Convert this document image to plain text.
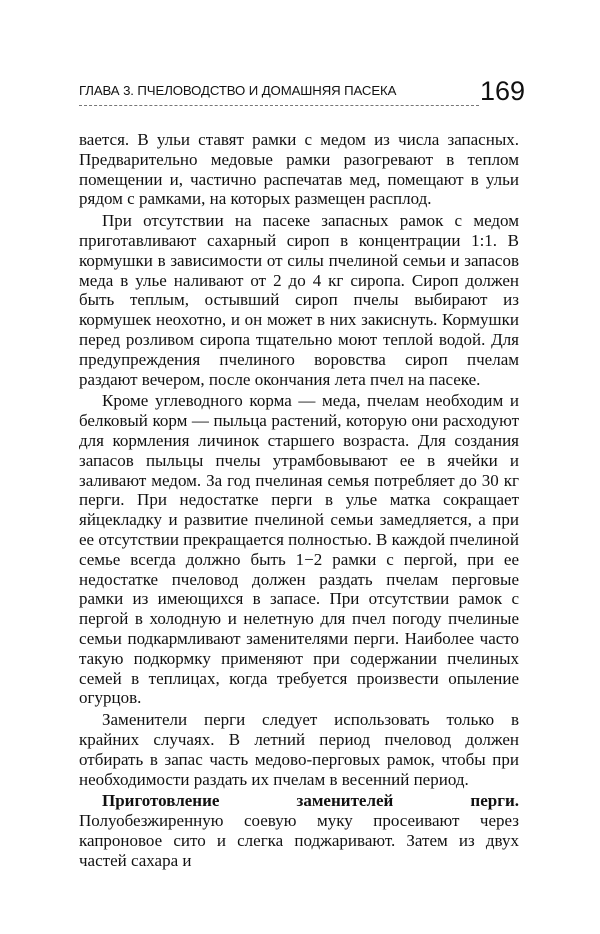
ГЛАВА 3. ПЧЕЛОВОДСТВО И ДОМАШНЯЯ ПАСЕКА	169

вается. В ульи ставят рамки с медом из числа запасных. Предварительно медовые рамки разогревают в теплом помещении и, частично распечатав мед, помещают в ульи рядом с рамками, на которых размещен расплод.

При отсутствии на пасеке запасных рамок с медом приготавливают сахарный сироп в концентрации 1:1. В кормушки в зависимости от силы пчелиной семьи и запасов меда в улье наливают от 2 до 4 кг сиропа. Сироп должен быть теплым, остывший сироп пчелы выбирают из кормушек неохотно, и он может в них закиснуть. Кормушки перед розливом сиропа тщательно моют теплой водой. Для предупреждения пчелиного воровства сироп пчелам раздают вечером, после окончания лета пчел на пасеке.

Кроме углеводного корма — меда, пчелам необходим и белковый корм — пыльца растений, которую они расходуют для кормления личинок старшего возраста. Для создания запасов пыльцы пчелы утрамбовывают ее в ячейки и заливают медом. За год пчелиная семья потребляет до 30 кг перги. При недостатке перги в улье матка сокращает яйцекладку и развитие пчелиной семьи замедляется, а при ее отсутствии прекращается полностью. В каждой пчелиной семье всегда должно быть 1−2 рамки с пергой, при ее недостатке пчеловод должен раздать пчелам перговые рамки из имеющихся в запасе. При отсутствии рамок с пергой в холодную и нелетную для пчел погоду пчелиные семьи подкармливают заменителями перги. Наиболее часто такую подкормку применяют при содержании пчелиных семей в теплицах, когда требуется произвести опыление огурцов.

Заменители перги следует использовать только в крайних случаях. В летний период пчеловод должен отбирать в запас часть медово-перговых рамок, чтобы при необходимости раздать их пчелам в весенний период.

Приготовление заменителей перги. Полуобезжиренную соевую муку просеивают через капроновое сито и слегка поджаривают. Затем из двух частей сахара и
